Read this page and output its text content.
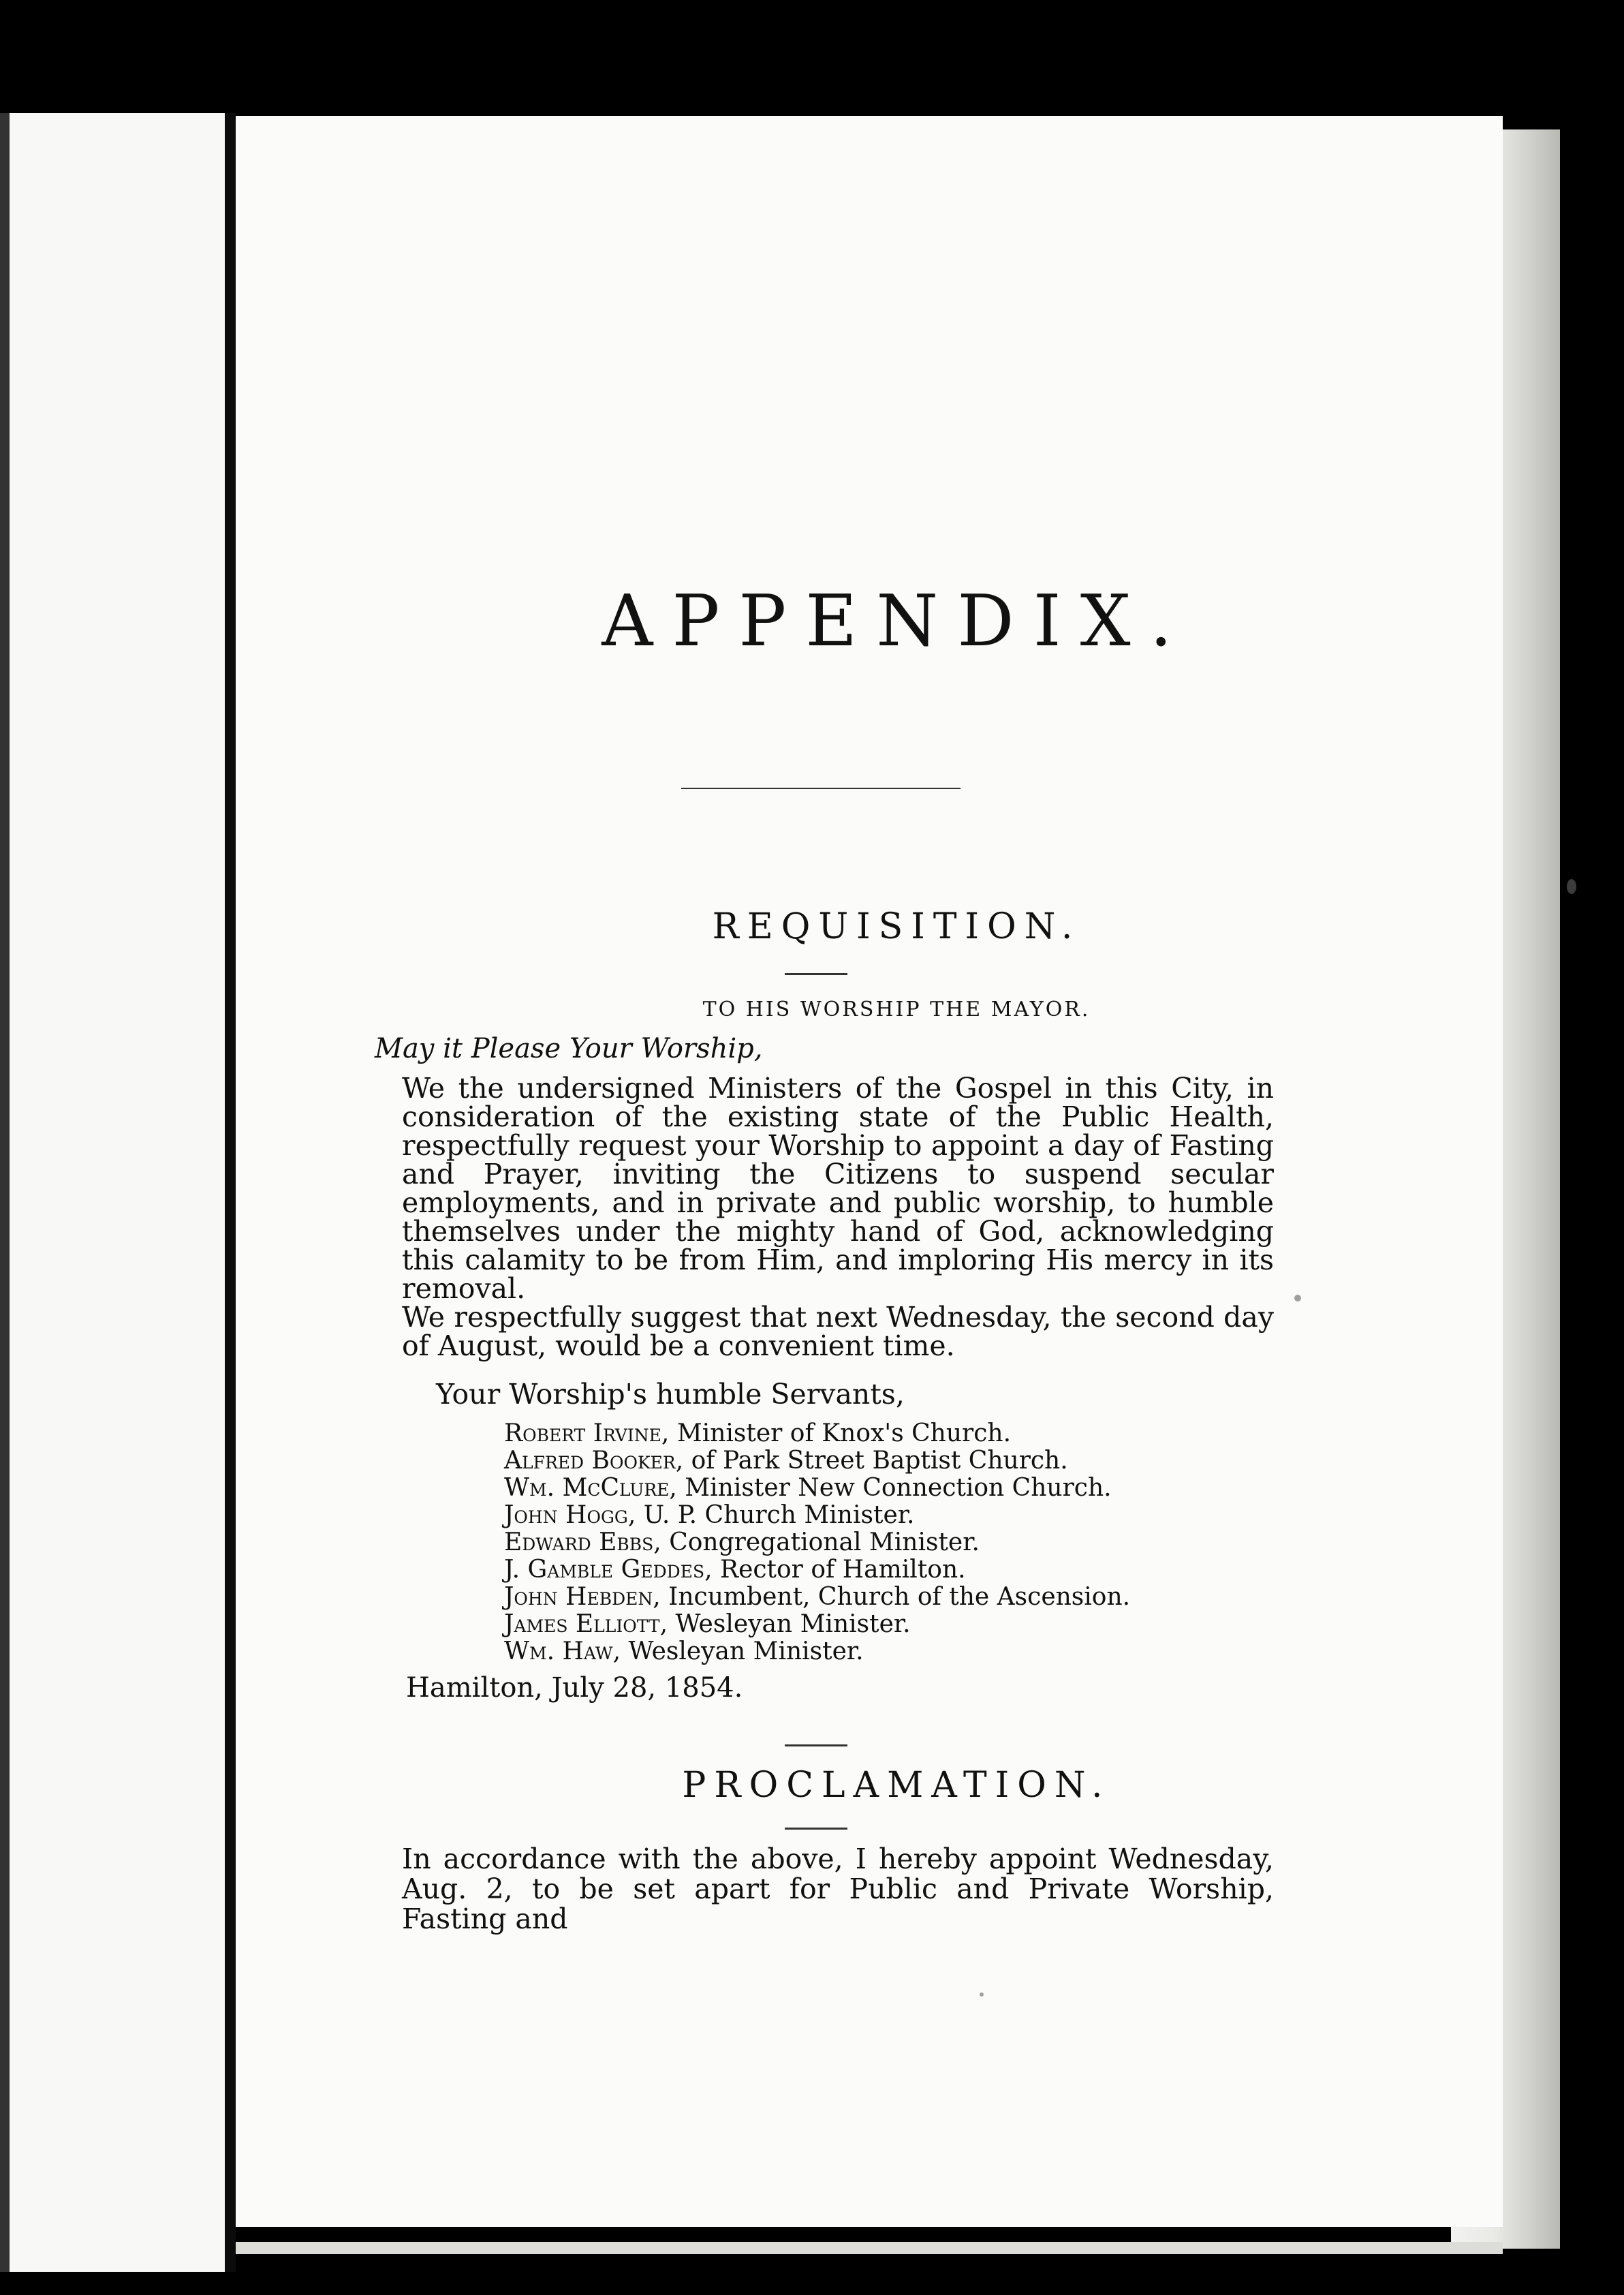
APPENDIX.
REQUISITION.
TO HIS WORSHIP THE MAYOR.
May it Please Your Worship,

We the undersigned Ministers of the Gospel in this City, in consideration of the existing state of the Public Health, respectfully request your Worship to appoint a day of Fasting and Prayer, inviting the Citizens to suspend secular employments, and in private and public worship, to humble themselves under the mighty hand of God, acknowledging this calamity to be from Him, and imploring His mercy in its removal.

We respectfully suggest that next Wednesday, the second day of August, would be a convenient time.

Your Worship's humble Servants,
Robert Irvine, Minister of Knox's Church.
Alfred Booker, of Park Street Baptist Church.
Wm. McClure, Minister New Connection Church.
John Hogg, U. P. Church Minister.
Edward Ebbs, Congregational Minister.
J. Gamble Geddes, Rector of Hamilton.
John Hebden, Incumbent, Church of the Ascension.
James Elliott, Wesleyan Minister.
Wm. Haw, Wesleyan Minister.
Hamilton, July 28, 1854.
PROCLAMATION.

In accordance with the above, I hereby appoint Wednesday, Aug. 2, to be set apart for Public and Private Worship, Fasting and
